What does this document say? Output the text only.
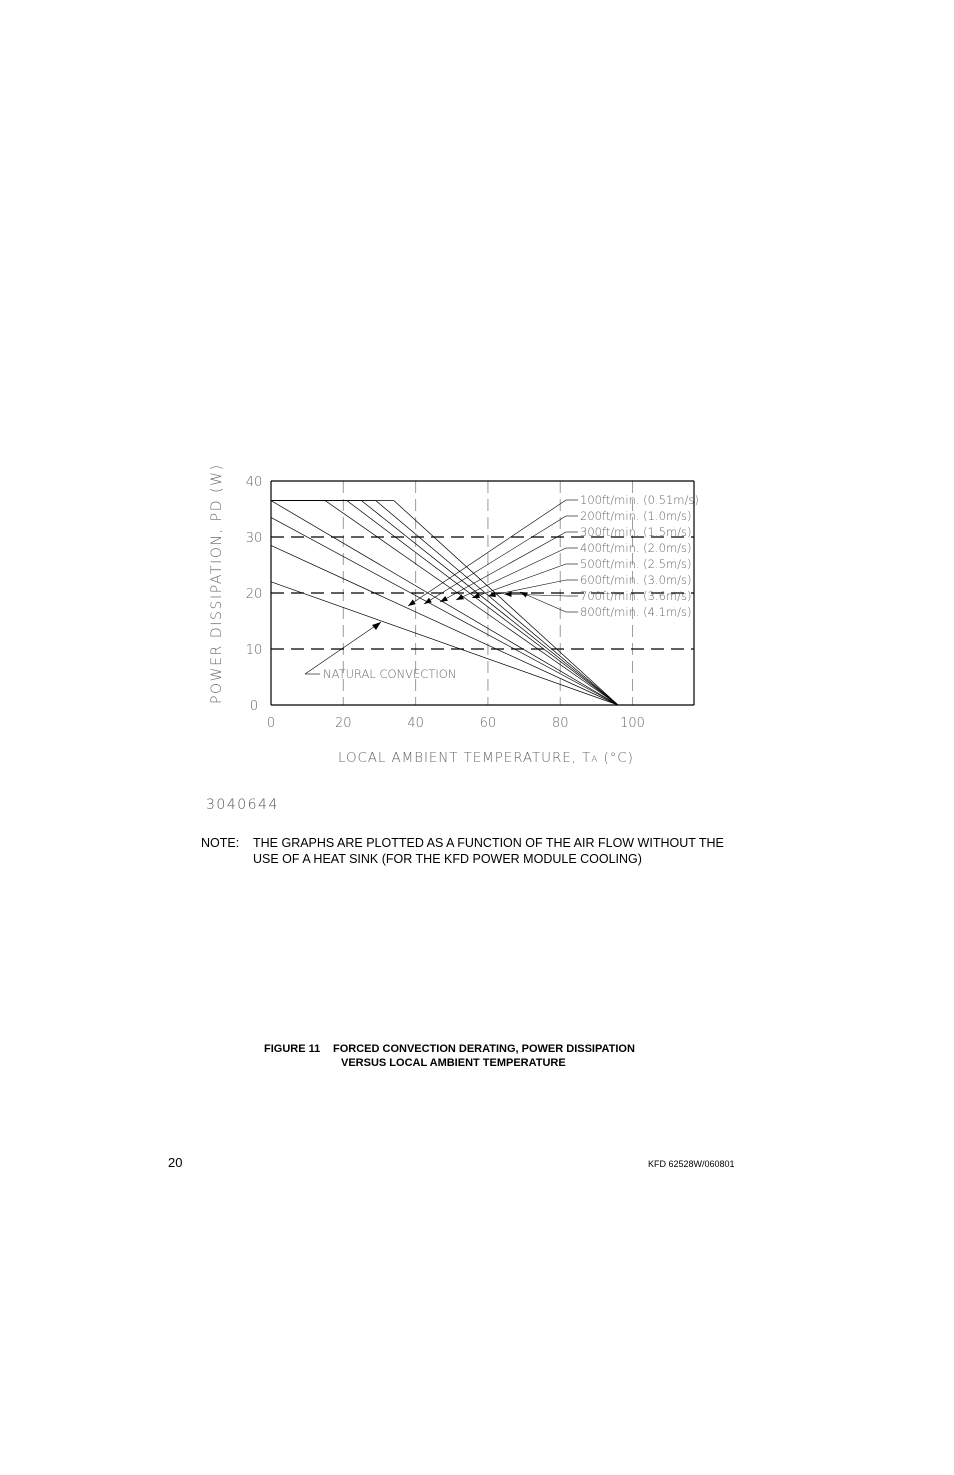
0	20	40	60	80	100
0
10
20
30
40
100ft/min. (0.51m/s)
200ft/min. (1.0m/s)
300ft/min. (1.5m/s)
400ft/min. (2.0m/s)
500ft/min. (2.5m/s)
600ft/min. (3.0m/s)
700ft/min. (3.6m/s)
800ft/min. (4.1m/s)
NATURAL CONVECTION
POWER DISSIPATION, PD (W)
LOCAL AMBIENT TEMPERATURE, TA (°C)
3040644
NOTE: THE GRAPHS ARE PLOTTED AS A FUNCTION OF THE AIR FLOW WITHOUT THE USE OF A HEAT SINK (FOR THE KFD POWER MODULE COOLING)
FIGURE 11 FORCED CONVECTION DERATING, POWER DISSIPATION
VERSUS LOCAL AMBIENT TEMPERATURE
20	KFD 62528W/060801
